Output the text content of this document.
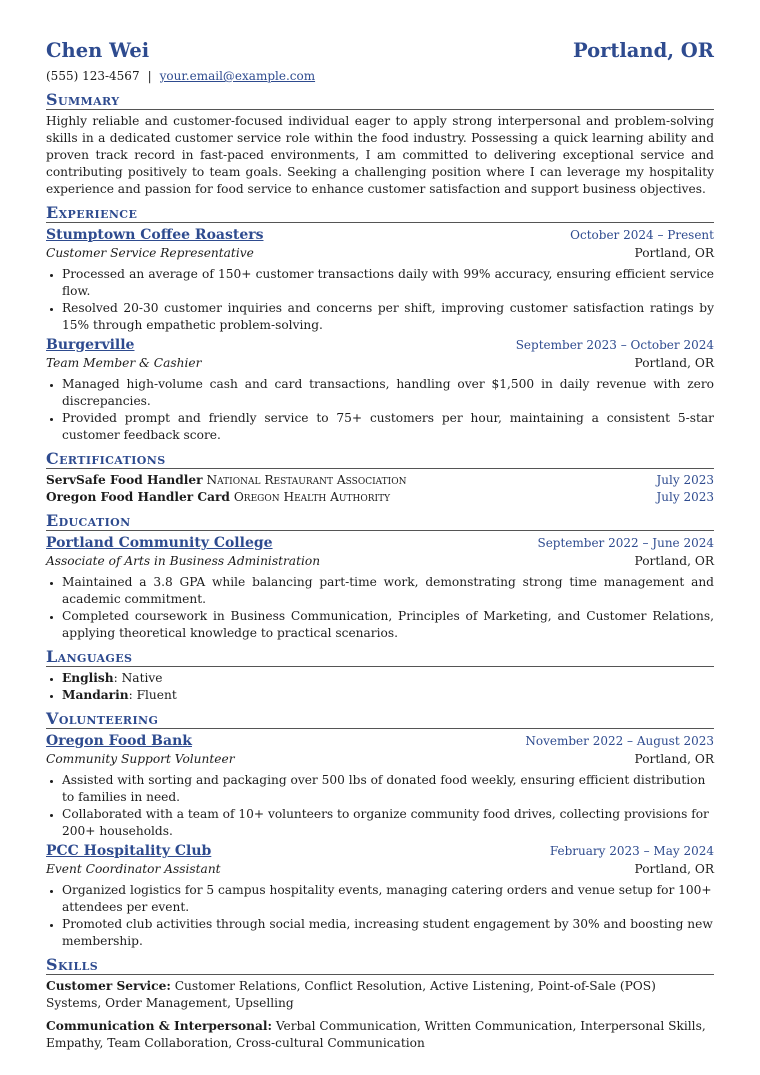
Chen Wei	Portland, OR
(555) 123-4567 | your.email@example.com
Summary
Highly reliable and customer-focused individual eager to apply strong interpersonal and problem-solving skills in a dedicated customer service role within the food industry. Possessing a quick learning ability and proven track record in fast-paced environments, I am committed to delivering exceptional service and contributing positively to team goals. Seeking a challenging position where I can leverage my hospitality experience and passion for food service to enhance customer satisfaction and support business objectives.
Experience
Stumptown Coffee Roasters	October 2024 – Present
Customer Service Representative	Portland, OR
• Processed an average of 150+ customer transactions daily with 99% accuracy, ensuring efficient service flow.
• Resolved 20-30 customer inquiries and concerns per shift, improving customer satisfaction ratings by 15% through empathetic problem-solving.
Burgerville	September 2023 – October 2024
Team Member & Cashier	Portland, OR
• Managed high-volume cash and card transactions, handling over $1,500 in daily revenue with zero discrepancies.
• Provided prompt and friendly service to 75+ customers per hour, maintaining a consistent 5-star customer feedback score.
Certifications
ServSafe Food Handler National Restaurant Association	July 2023
Oregon Food Handler Card Oregon Health Authority	July 2023
Education
Portland Community College	September 2022 – June 2024
Associate of Arts in Business Administration	Portland, OR
• Maintained a 3.8 GPA while balancing part-time work, demonstrating strong time management and academic commitment.
• Completed coursework in Business Communication, Principles of Marketing, and Customer Relations, applying theoretical knowledge to practical scenarios.
Languages
• English: Native
• Mandarin: Fluent
Volunteering
Oregon Food Bank	November 2022 – August 2023
Community Support Volunteer	Portland, OR
• Assisted with sorting and packaging over 500 lbs of donated food weekly, ensuring efficient distribution to families in need.
• Collaborated with a team of 10+ volunteers to organize community food drives, collecting provisions for 200+ households.
PCC Hospitality Club	February 2023 – May 2024
Event Coordinator Assistant	Portland, OR
• Organized logistics for 5 campus hospitality events, managing catering orders and venue setup for 100+ attendees per event.
• Promoted club activities through social media, increasing student engagement by 30% and boosting new membership.
Skills

Customer Service: Customer Relations, Conflict Resolution, Active Listening, Point-of-Sale (POS) Systems, Order Management, Upselling

Communication & Interpersonal: Verbal Communication, Written Communication, Interpersonal Skills, Empathy, Team Collaboration, Cross-cultural Communication
